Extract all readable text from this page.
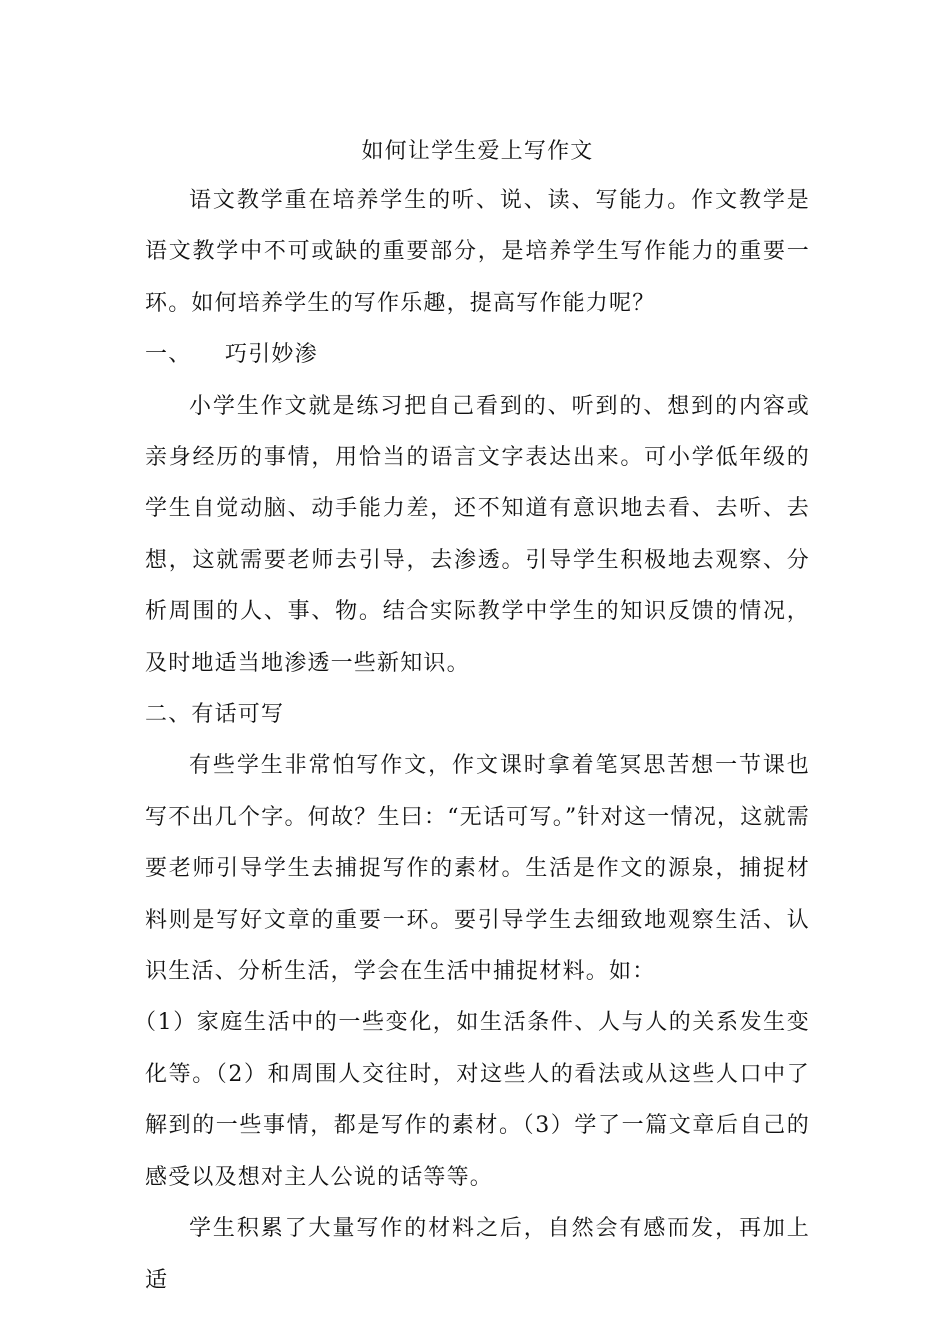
如何让学生爱上写作文

语文教学重在培养学生的听、说、读、写能力。作文教学是语文教学中不可或缺的重要部分，是培养学生写作能力的重要一环。如何培养学生的写作乐趣，提高写作能力呢？

一、 巧引妙渗

小学生作文就是练习把自己看到的、听到的、想到的内容或亲身经历的事情，用恰当的语言文字表达出来。可小学低年级的学生自觉动脑、动手能力差，还不知道有意识地去看、去听、去想，这就需要老师去引导，去渗透。引导学生积极地去观察、分析周围的人、事、物。结合实际教学中学生的知识反馈的情况，及时地适当地渗透一些新知识。

二、有话可写

有些学生非常怕写作文，作文课时拿着笔冥思苦想一节课也写不出几个字。何故？生曰：“无话可写。”针对这一情况，这就需要老师引导学生去捕捉写作的素材。生活是作文的源泉，捕捉材料则是写好文章的重要一环。要引导学生去细致地观察生活、认识生活、分析生活，学会在生活中捕捉材料。如：

（1）家庭生活中的一些变化，如生活条件、人与人的关系发生变化等。（2）和周围人交往时，对这些人的看法或从这些人口中了解到的一些事情，都是写作的素材。（3）学了一篇文章后自己的感受以及想对主人公说的话等等。

学生积累了大量写作的材料之后，自然会有感而发，再加上适
